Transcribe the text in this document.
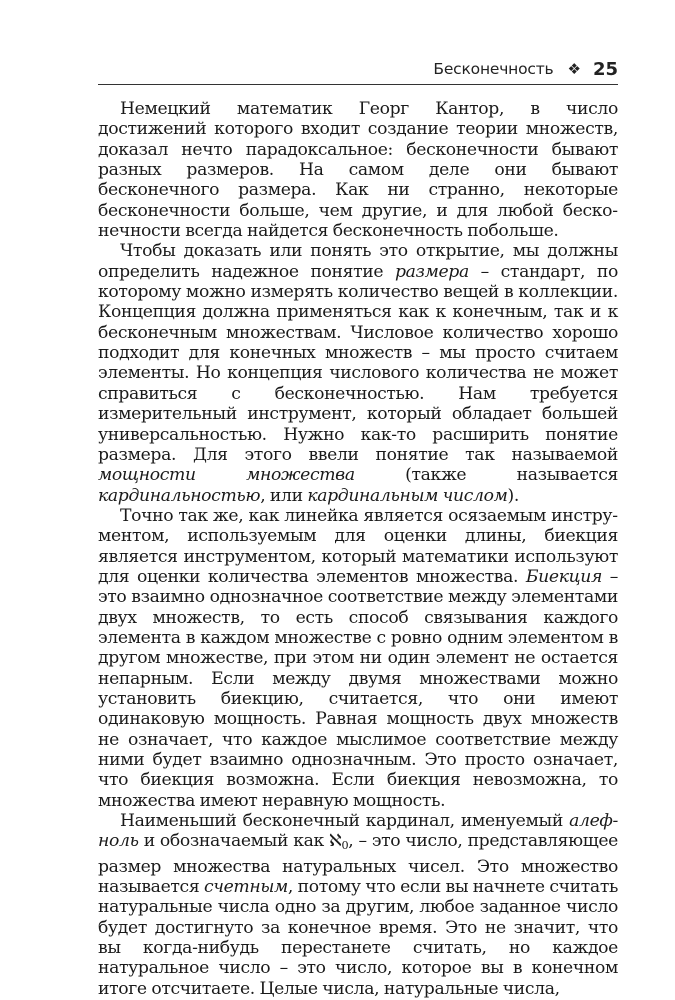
Бесконечность ❖ 25

Немецкий математик Георг Кантор, в число достижений которого входит создание теории множеств, доказал нечто парадоксальное: бесконечности бывают разных размеров. На самом деле они бывают бесконечного размера. Как ни странно, некоторые бесконечности больше, чем другие, и для любой бесконечности всегда найдется бесконечность побольше.

Чтобы доказать или понять это открытие, мы должны определить надежное понятие размера – стандарт, по которому можно измерять количество вещей в коллекции. Концепция должна применяться как к конечным, так и к бесконечным множествам. Числовое количество хорошо подходит для конечных множеств – мы просто считаем элементы. Но концепция числового количества не может справиться с бесконечностью. Нам требуется измерительный инструмент, который обладает большей универсальностью. Нужно как-то расширить понятие размера. Для этого ввели понятие так называемой мощности множества (также называется кардинальностью, или кардинальным числом).

Точно так же, как линейка является осязаемым инструментом, используемым для оценки длины, биекция является инструментом, который математики используют для оценки количества элементов множества. Биекция – это взаимно однозначное соответствие между элементами двух множеств, то есть способ связывания каждого элемента в каждом множестве с ровно одним элементом в другом множестве, при этом ни один элемент не остается непарным. Если между двумя множествами можно установить биекцию, считается, что они имеют одинаковую мощность. Равная мощность двух множеств не означает, что каждое мыслимое соответствие между ними будет взаимно однозначным. Это просто означает, что биекция возможна. Если биекция невозможна, то множества имеют неравную мощность.

Наименьший бесконечный кардинал, именуемый алеф-ноль и обозначаемый как ℵ$_0$, – это число, представляющее размер множества натуральных чисел. Это множество называется счетным, потому что если вы начнете считать натуральные числа одно за другим, любое заданное число будет достигнуто за конечное время. Это не значит, что вы когда-нибудь перестанете считать, но каждое натуральное число – это число, которое вы в конечном итоге отсчитаете. Целые числа, натуральные числа,
